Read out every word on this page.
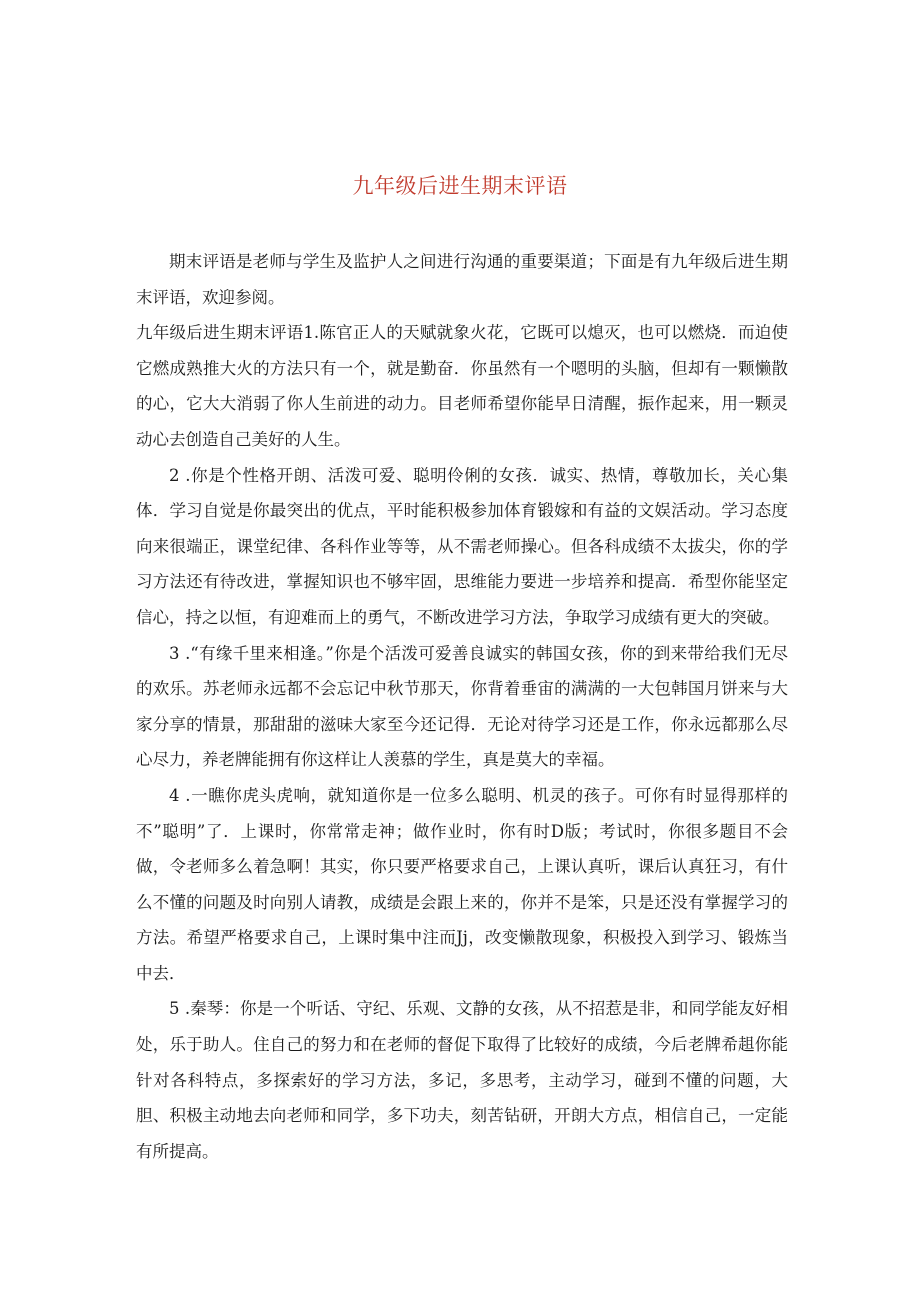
九年级后进生期末评语

期末评语是老师与学生及监护人之间进行沟通的重要渠道；下面是有九年级后进生期末评语，欢迎参阅。

九年级后进生期末评语1.陈官正人的天赋就象火花，它既可以熄灭，也可以燃烧．而迫使它燃成熟推大火的方法只有一个，就是勤奋．你虽然有一个嗯明的头脑，但却有一颗懒散的心，它大大消弱了你人生前进的动力。目老师希望你能早日清醒，振作起来，用一颗灵动心去创造自己美好的人生。

2 .你是个性格开朗、活泼可爱、聪明伶俐的女孩．诚实、热情，尊敬加长，关心集体．学习自觉是你最突出的优点，平时能积极参加体育锻嫁和有益的文娱活动。学习态度向来很端正，课堂纪律、各科作业等等，从不需老师操心。但各科成绩不太拔尖，你的学习方法还有待改进，掌握知识也不够牢固，思维能力要进一步培养和提高．希型你能坚定信心，持之以恒，有迎难而上的勇气，不断改进学习方法，争取学习成绩有更大的突破。

3 .“有缘千里来相逢。”你是个活泼可爱善良诚实的韩国女孩，你的到来带给我们无尽的欢乐。苏老师永远都不会忘记中秋节那天，你背着垂宙的满满的一大包韩国月饼来与大家分享的情景，那甜甜的滋味大家至今还记得．无论对待学习还是工作，你永远都那么尽心尽力，养老牌能拥有你这样让人羡慕的学生，真是莫大的幸福。

4 .一瞧你虎头虎响，就知道你是一位多么聪明、机灵的孩子。可你有时显得那样的不”聪明”了．上课时，你常常走神；做作业时，你有时D版；考试时，你很多题目不会做，令老师多么着急啊！其实，你只要严格要求自己，上课认真听，课后认真狂习，有什么不懂的问题及时向别人请教，成绩是会跟上来的，你并不是笨，只是还没有掌握学习的方法。希望严格要求自己，上课时集中注而Jj，改变懒散现象，积极投入到学习、锻炼当中去．

5 .秦琴：你是一个听话、守纪、乐观、文静的女孩，从不招惹是非，和同学能友好相处，乐于助人。住自己的努力和在老师的督促下取得了比较好的成绩，今后老牌希趄你能针对各科特点，多探索好的学习方法，多记，多思考，主动学习，碰到不懂的问题，大胆、积极主动地去向老师和同学，多下功夫，刻苦钻研，开朗大方点，相信自己，一定能有所提高。
